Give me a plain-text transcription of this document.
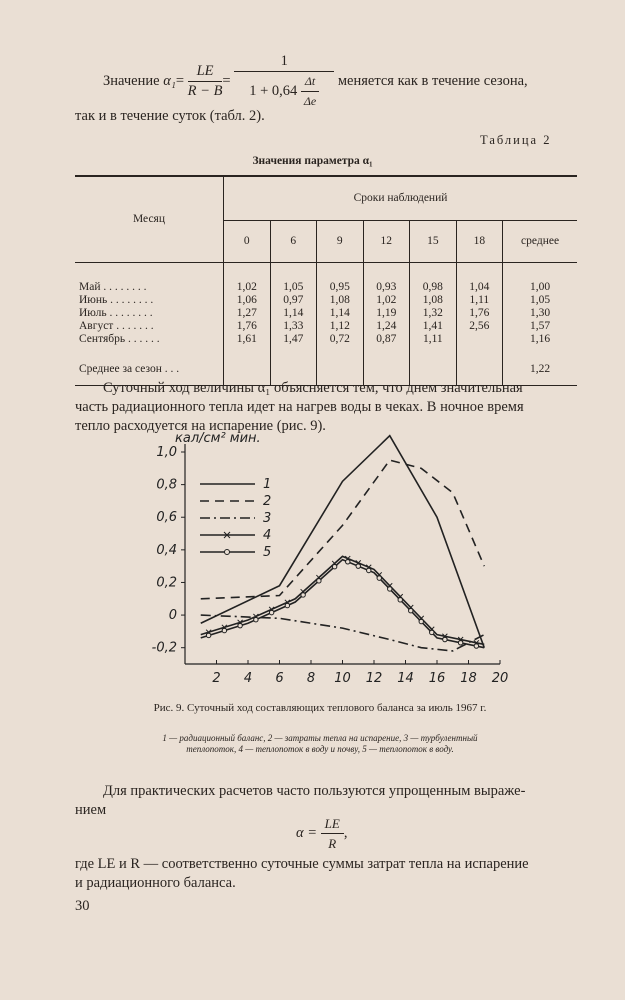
Значение $\alpha_1= \frac{LE}{R - B} = \frac{1}{1 + 0,64 \frac{\Delta t}{\Delta e}}$ меняется как в течение сезона,
так и в течение суток (табл. 2).
Таблица 2
Значения параметра α₁
Месяц	Сроки наблюдений						
	0	6	9	12	15	18	среднее

Май . . . . . . . .	1,02	1,05	0,95	0,93	0,98	1,04	1,00
Июнь . . . . . . . .	1,06	0,97	1,08	1,02	1,08	1,11	1,05
Июль . . . . . . . .	1,27	1,14	1,14	1,19	1,32	1,76	1,30
Август . . . . . . .	1,76	1,33	1,12	1,24	1,41	2,56	1,57
Сентябрь . . . . . .	1,61	1,47	0,72	0,87	1,11		1,16

Среднее за сезон . . .							1,22

Суточный ход величины α₁ объясняется тем, что днем значительная
часть радиационного тепла идет на нагрев воды в чеках. В ночное время
тепло расходуется на испарение (рис. 9).
1,0
0,8
0,6
0,4
0,2
0
-0,2
2 4 6 8 10 12 14 16 18 20
кал/см² мин.
1
2
3
4
5
Рис. 9. Суточный ход составляющих теплового баланса за июль 1967 г.
1 — радиационный баланс, 2 — затраты тепла на испарение, 3 — турбулентный теплопоток, 4 — теплопоток в воду и почву, 5 — теплопоток в воду.
Для практических расчетов часто пользуются упрощенным выраже-
нием
$\alpha = \frac{LE}{R}$ ,
где LE и R — соответственно суточные суммы затрат тепла на испарение
и радиационного баланса.
30
